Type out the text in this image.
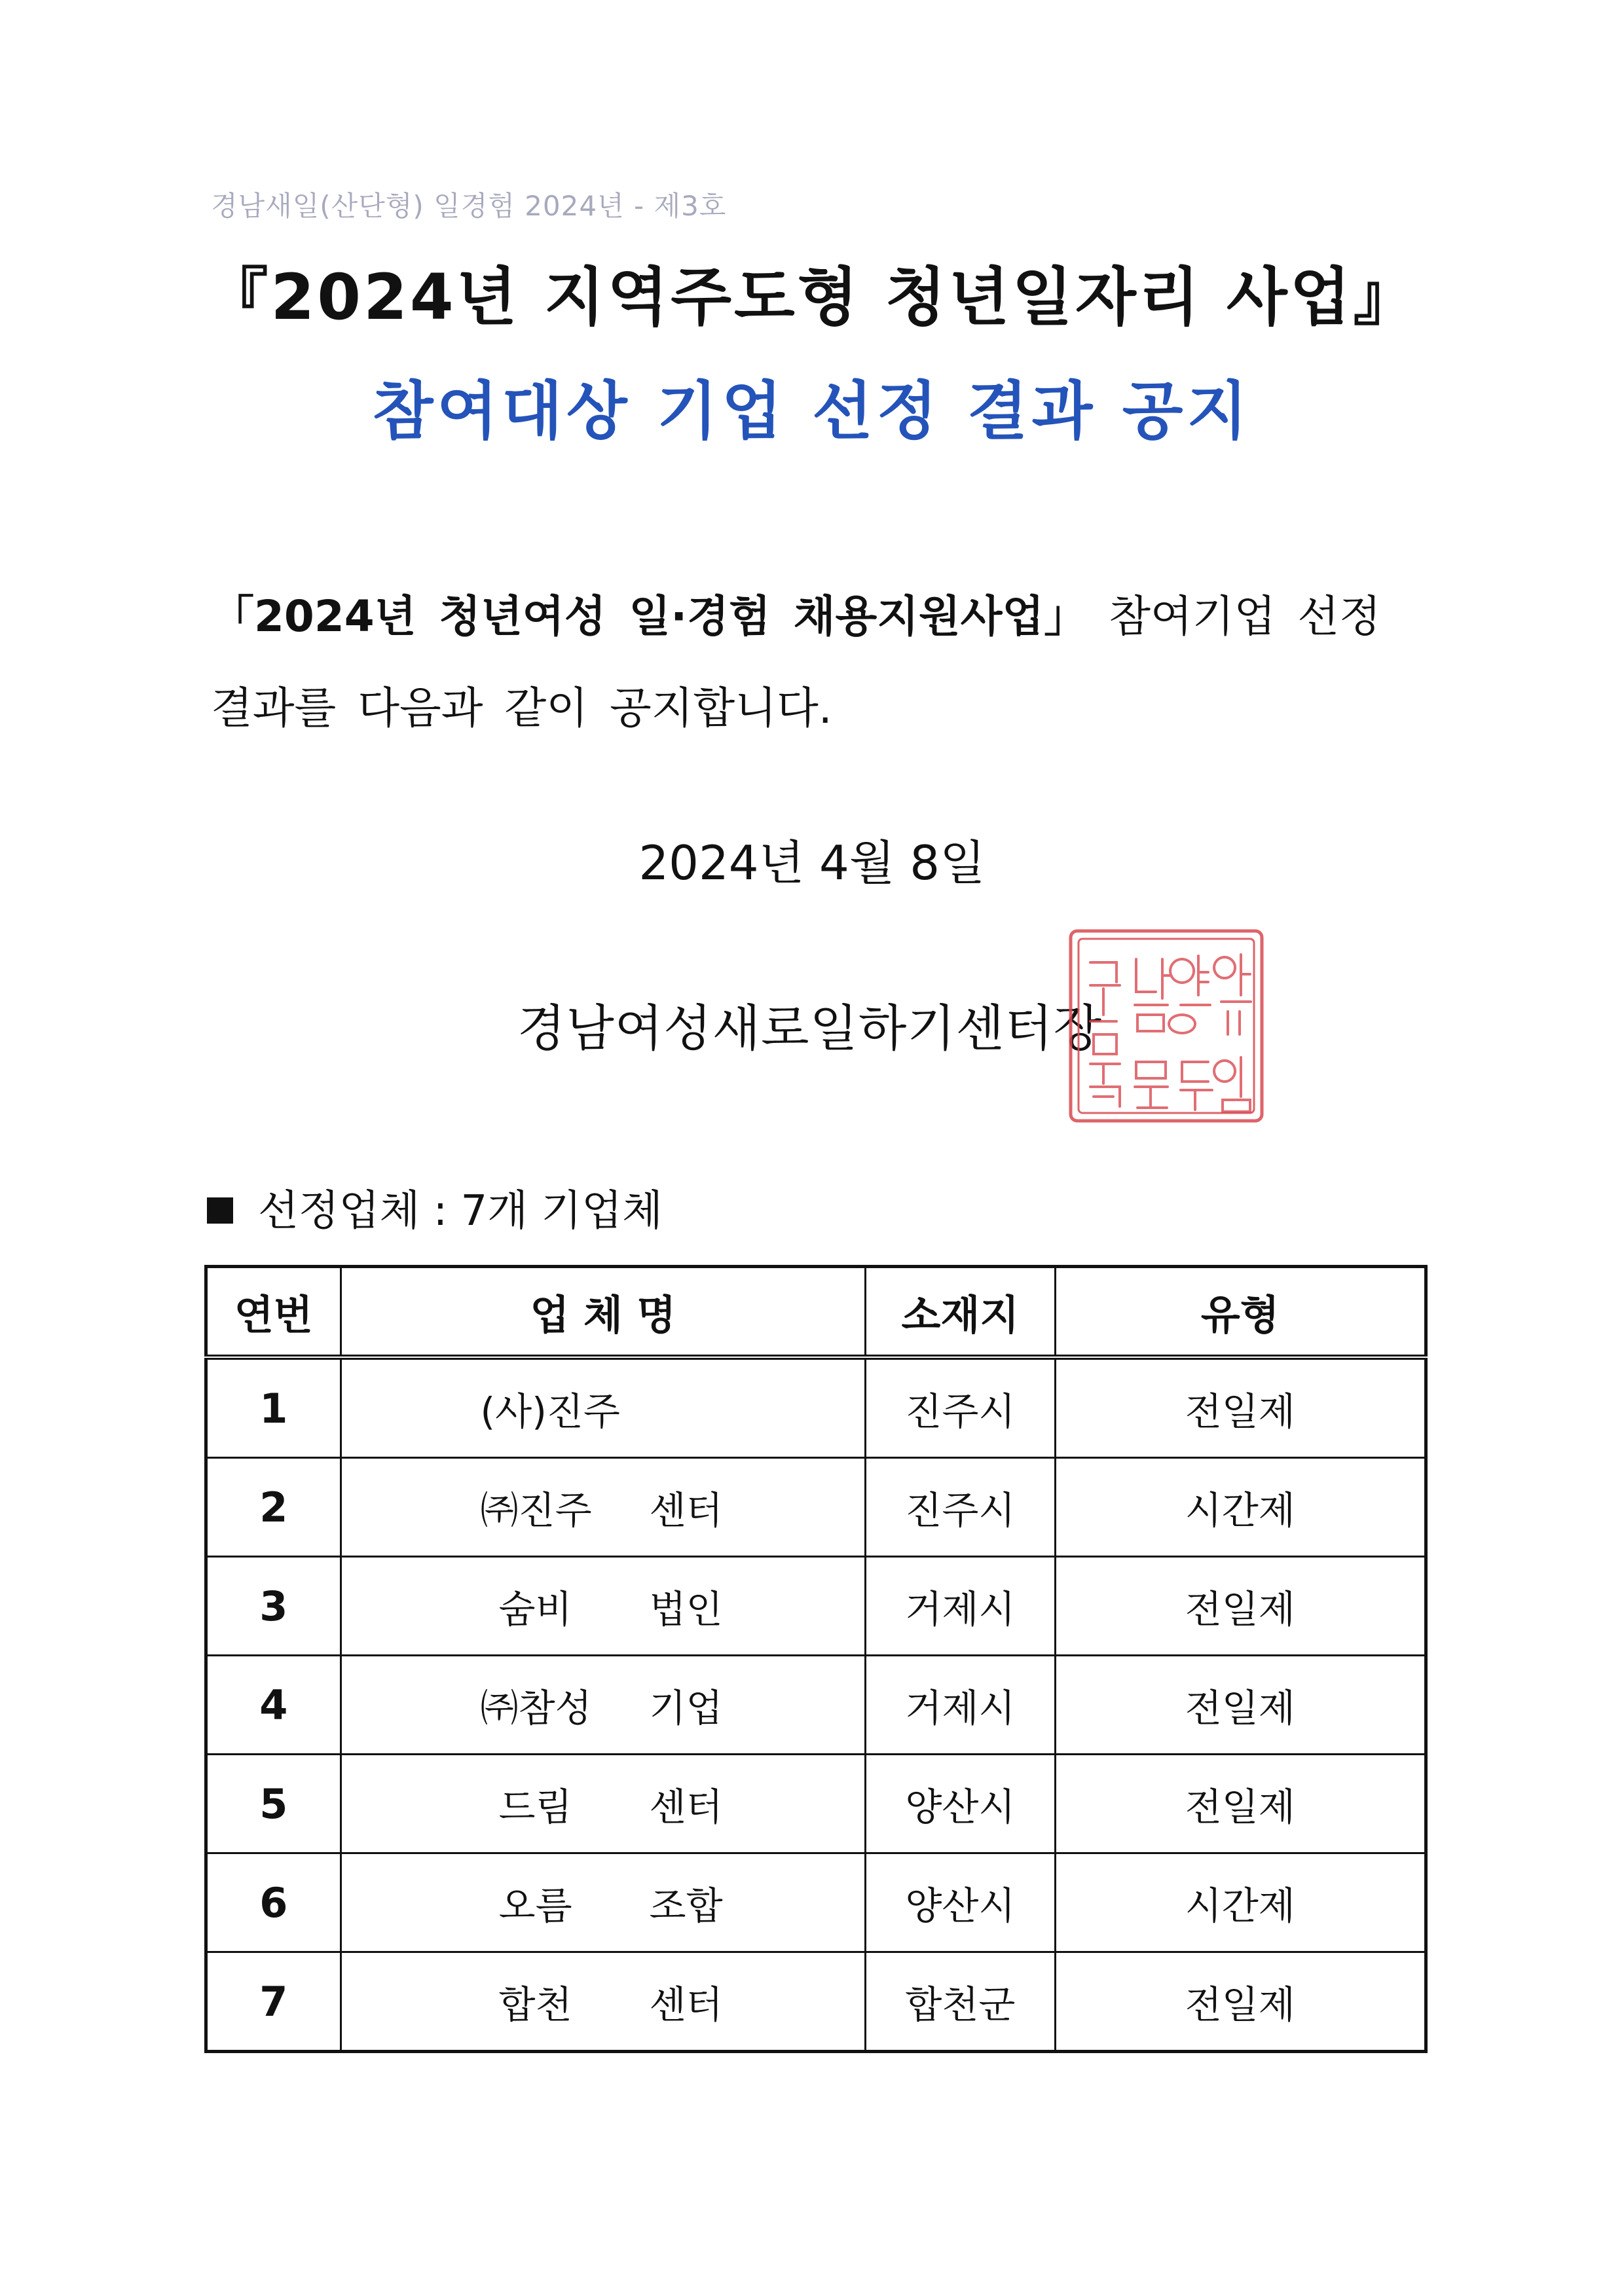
경남새일(산단형) 일경험 2024년 - 제3호
『2024년 지역주도형 청년일자리 사업』
참여대상 기업 선정 결과 공지
「2024년 청년여성 일·경험 채용지원사업」 참여기업 선정 결과를 다음과 같이 공지합니다.
2024년 4월 8일
경남여성새로일하기센터장
선정업체 : 7개 기업체
연번	업 체 명	소재지	유형
1	(사)진주	진주시	전일제
2	㈜진주 센터	진주시	시간제
3	숨비 법인	거제시	전일제
4	㈜참성 기업	거제시	전일제
5	드림 센터	양산시	전일제
6	오름 조합	양산시	시간제
7	합천 센터	합천군	전일제
